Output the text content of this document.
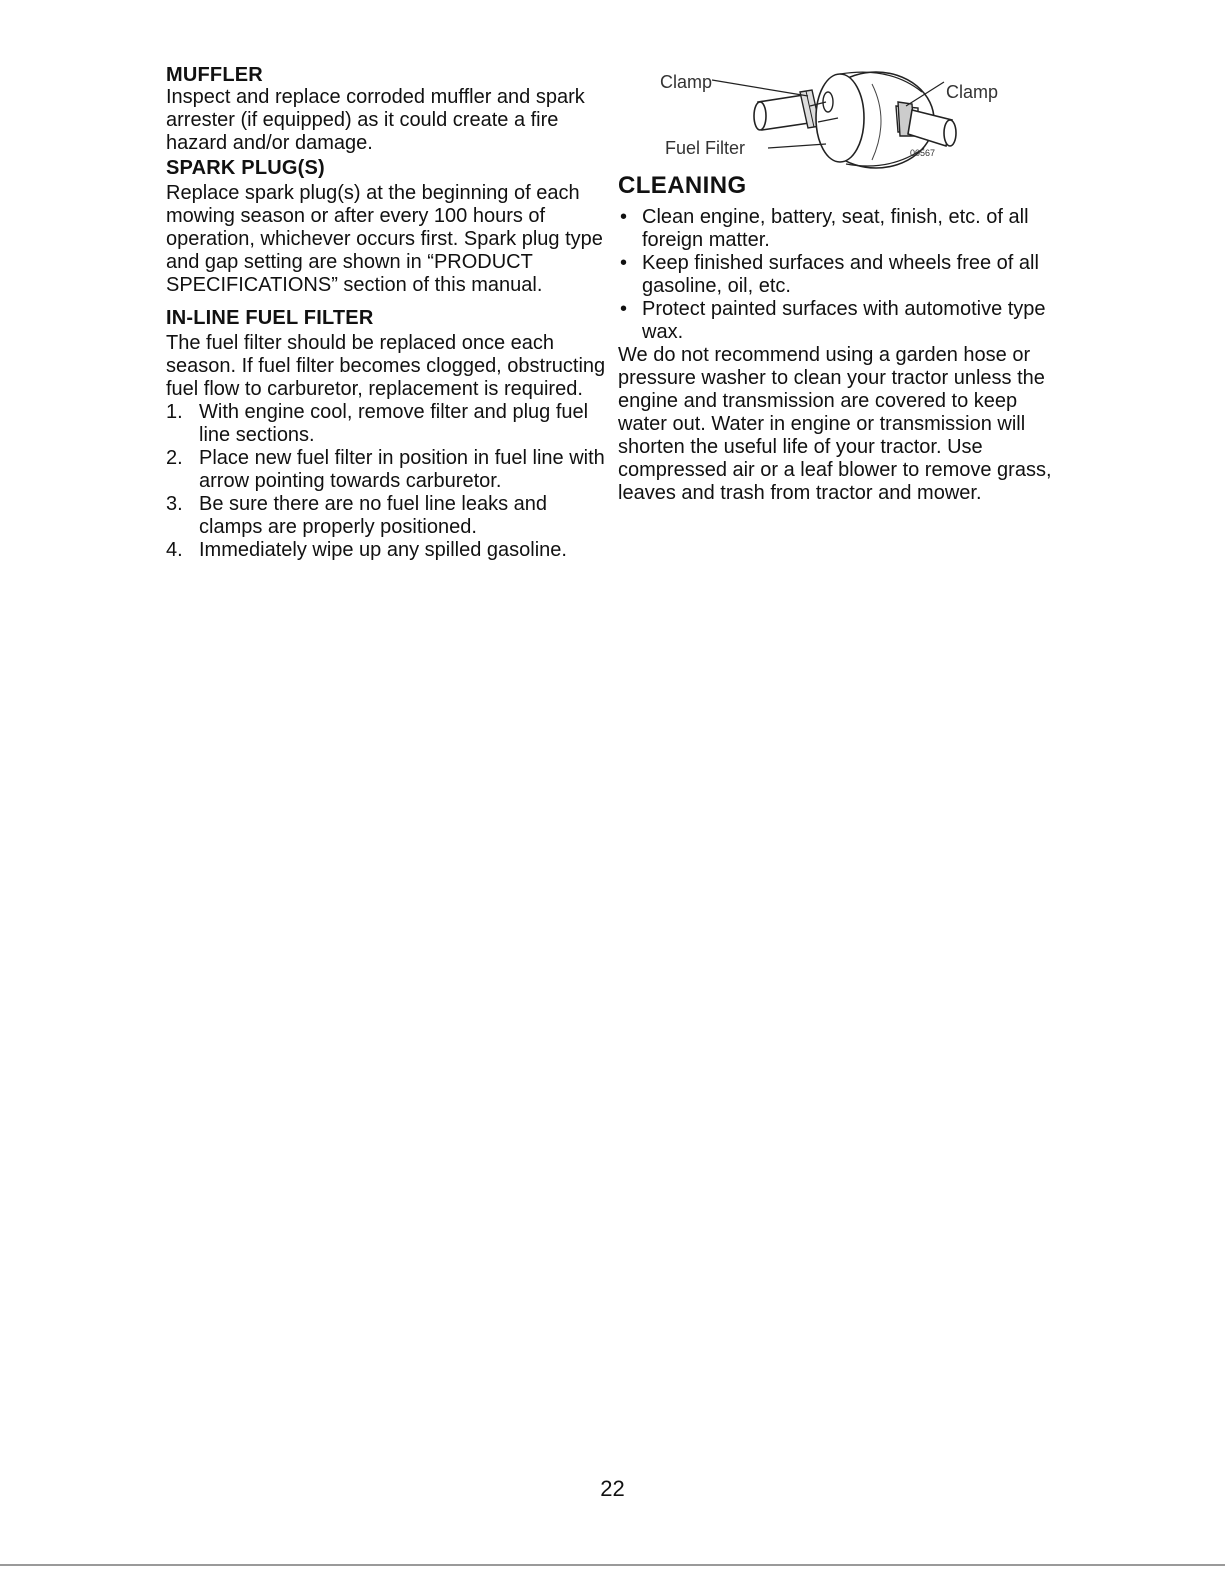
MUFFLER

Inspect and replace corroded muffler and spark arrester (if equipped) as it could create a fire hazard and/or damage.

SPARK PLUG(S)

Replace spark plug(s) at the beginning of each mowing season or after every 100 hours of operation, whichever occurs first. Spark plug type and gap setting are shown in “PRODUCT SPECIFICATIONS” section of this manual.

IN-LINE FUEL FILTER

The fuel filter should be replaced once each season. If fuel filter becomes clogged, obstructing fuel flow to carburetor, replacement is required.

1. With engine cool, remove filter and plug fuel line sections.
2. Place new fuel filter in position in fuel line with arrow pointing towards carburetor.
3. Be sure there are no fuel line leaks and clamps are properly positioned.
4. Immediately wipe up any spilled gasoline.
Clamp	Clamp
Fuel Filter	00567
CLEANING
• Clean engine, battery, seat, finish, etc. of all foreign matter.
• Keep finished surfaces and wheels free of all gasoline, oil, etc.
• Protect painted surfaces with automotive type wax.

We do not recommend using a garden hose or pressure washer to clean your tractor unless the engine and transmission are covered to keep water out. Water in engine or transmission will shorten the useful life of your tractor. Use compressed air or a leaf blower to remove grass, leaves and trash from tractor and mower.

22
